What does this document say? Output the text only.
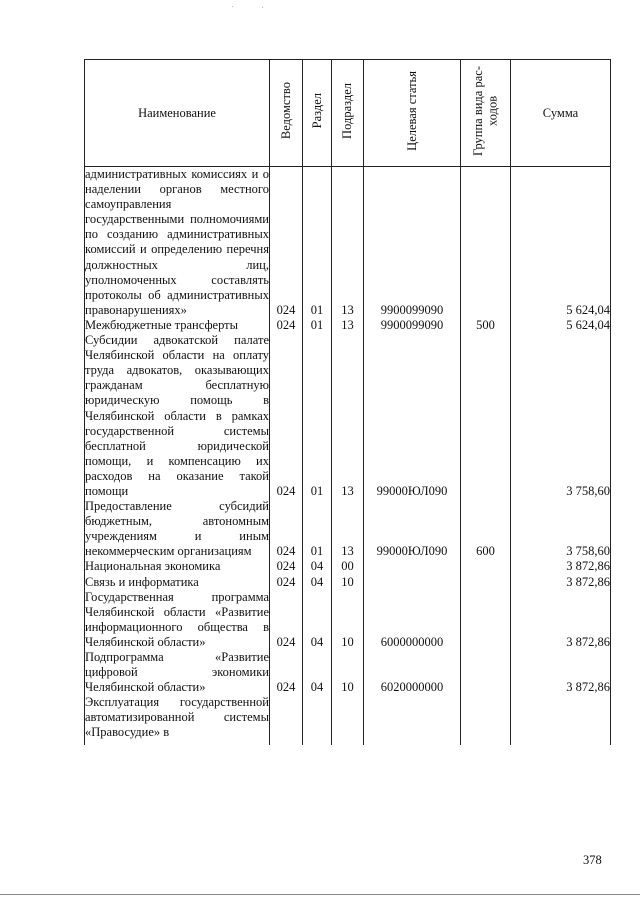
Наименование	Ведомство	Раздел	Подраздел	Целевая статья	Группа вида рас-ходов	Сумма

административных комиссиях и о наделении органов местного самоуправления государственными полномочиями по созданию административных комиссий и определению перечня должностных лиц, уполномоченных составлять протоколы об административных правонарушениях»	024	01	13	9900099090		5 624,04

Межбюджетные трансферты	024	01	13	9900099090	500	5 624,04

Субсидии адвокатской палате Челябинской области на оплату труда адвокатов, оказывающих гражданам бесплатную юридическую помощь в Челябинской области в рамках государственной системы бесплатной юридической помощи, и компенсацию их расходов на оказание такой помощи	024	01	13	99000ЮЛ090		3 758,60

Предоставление субсидий бюджетным, автономным учреждениям и иным некоммерческим организациям	024	01	13	99000ЮЛ090	600	3 758,60

Национальная экономика	024	04	00			3 872,86

Связь и информатика	024	04	10			3 872,86

Государственная программа Челябинской области «Развитие информационного общества в Челябинской области»	024	04	10	6000000000		3 872,86

Подпрограмма «Развитие цифровой экономики Челябинской области»	024	04	10	6020000000		3 872,86

Эксплуатация государственной автоматизированной системы «Правосудие» в						

378
